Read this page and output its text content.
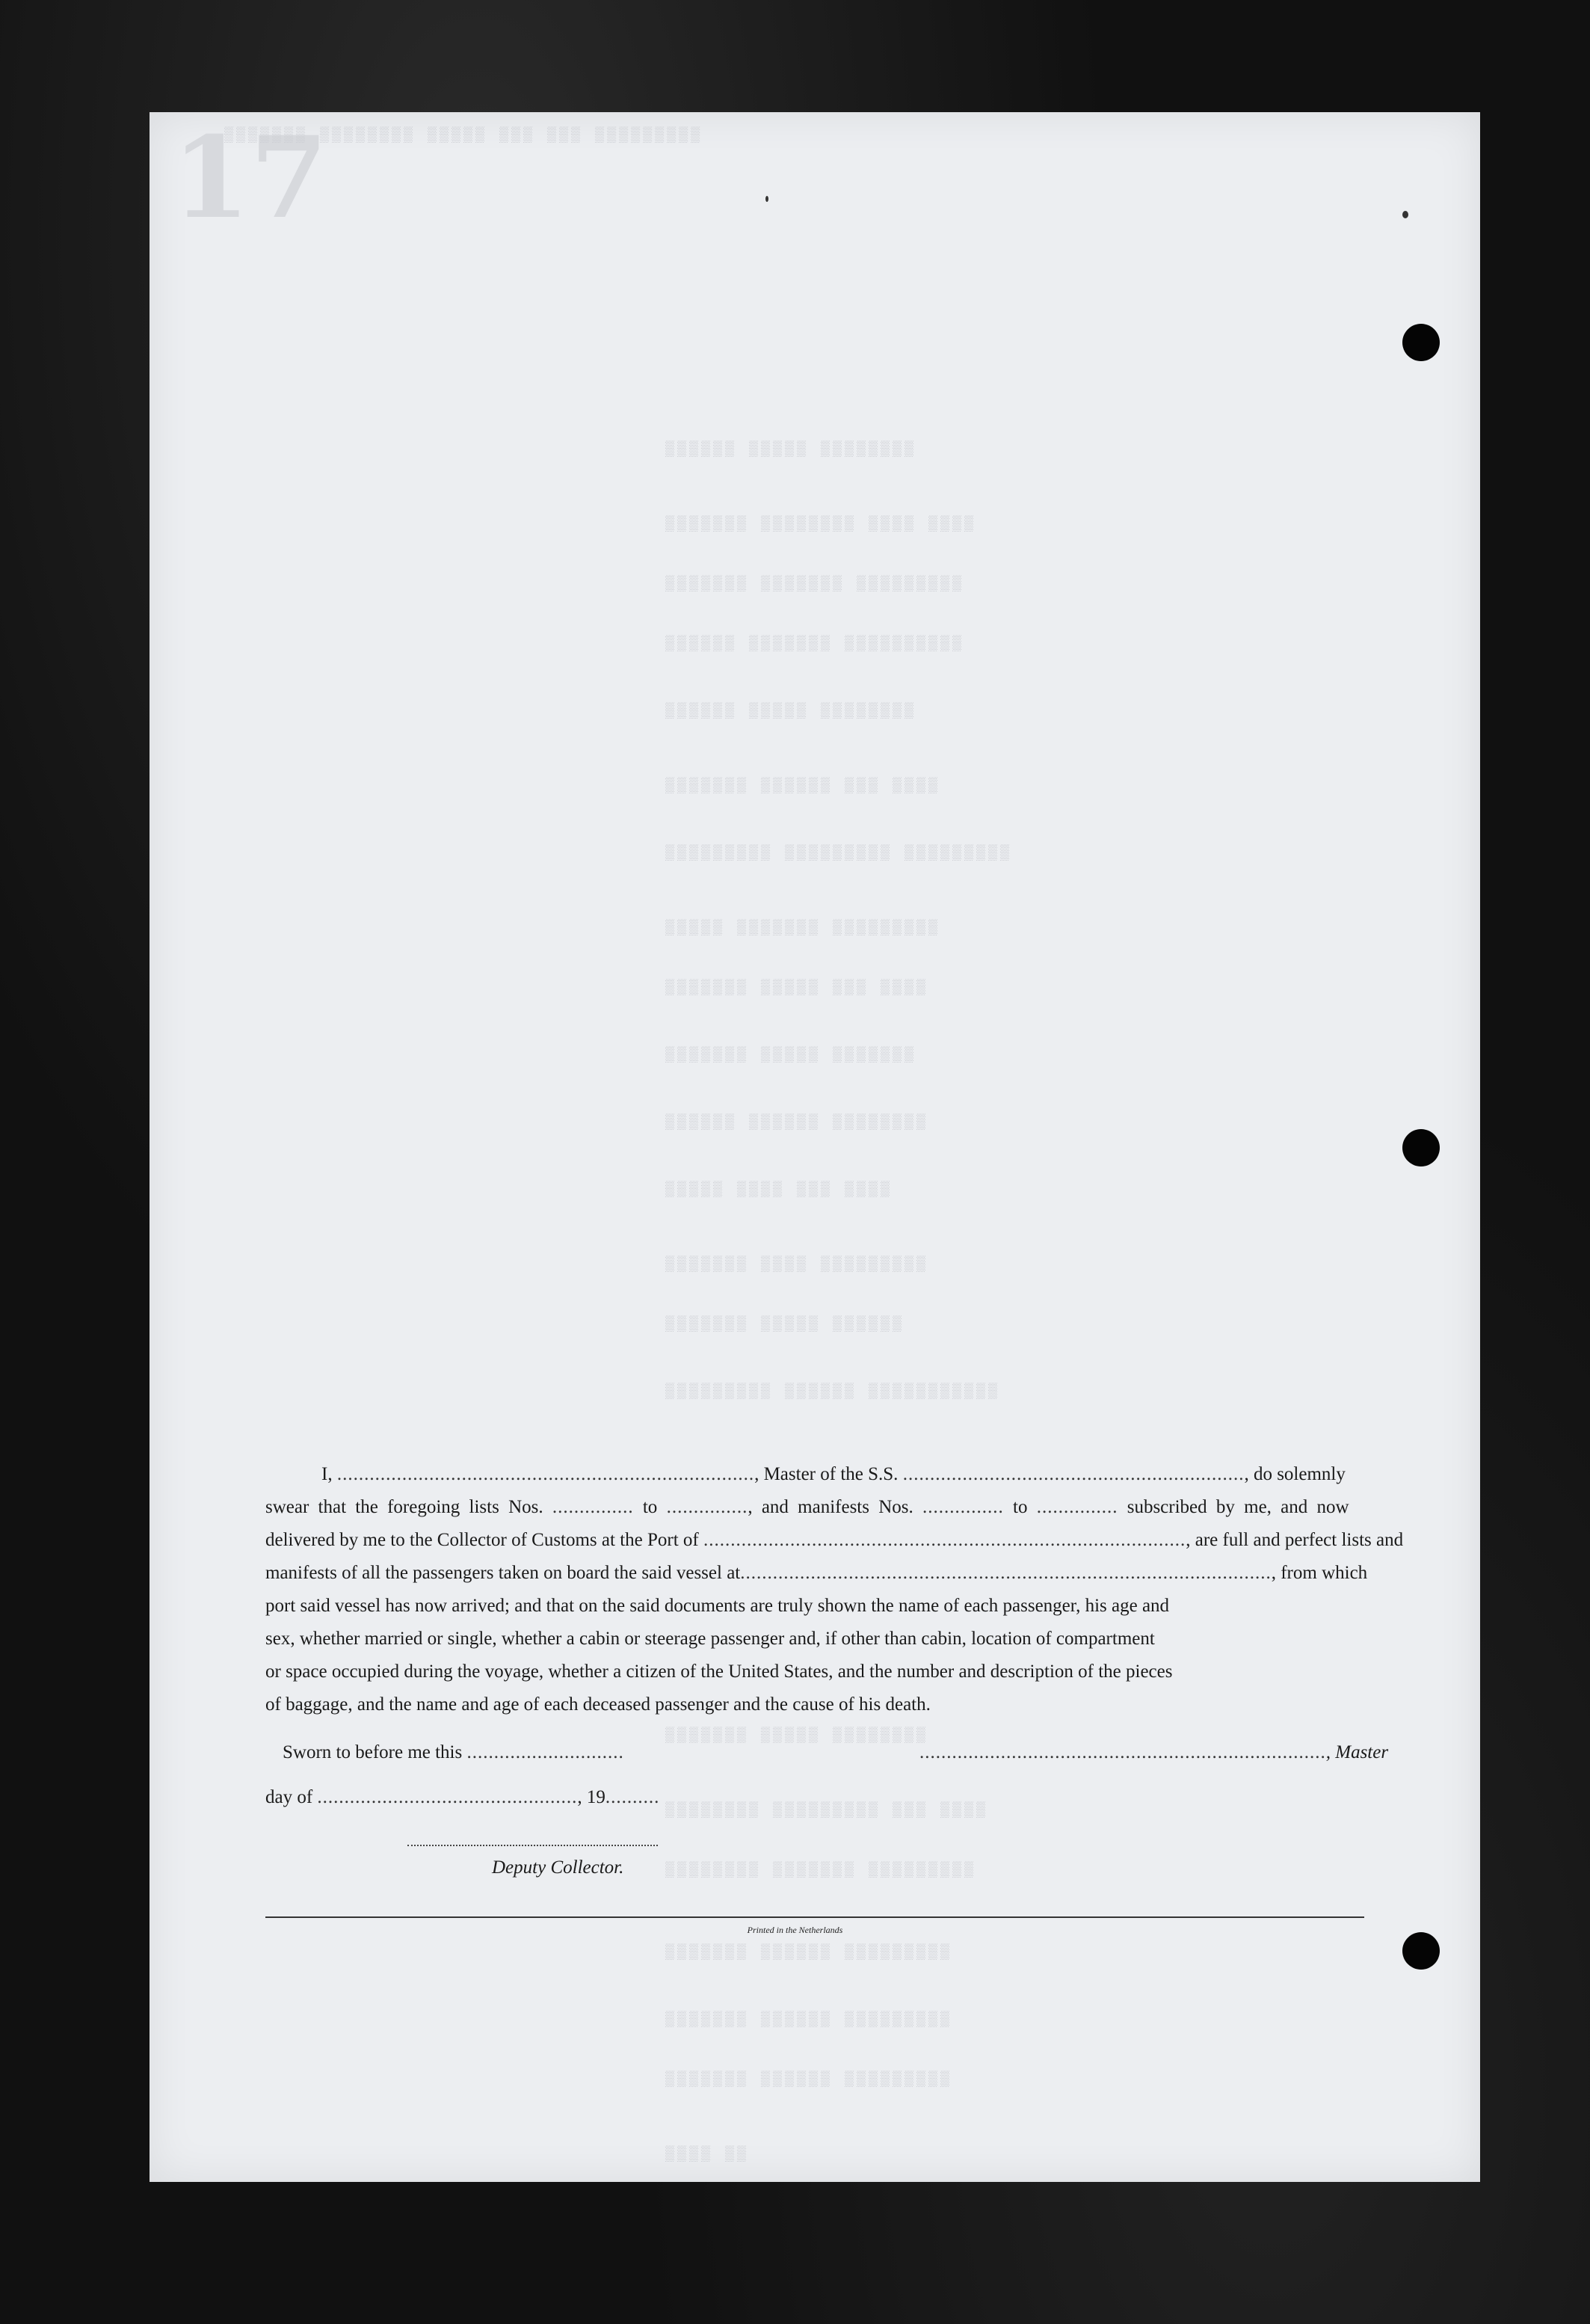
17
▒▒▒▒▒▒▒ ▒▒▒▒▒▒▒▒ ▒▒▒▒▒ ▒▒▒ ▒▒▒ ▒▒▒▒▒▒▒▒▒
▒▒▒▒▒▒ ▒▒▒▒▒ ▒▒▒▒▒▒▒▒
▒▒▒▒▒▒▒ ▒▒▒▒▒▒▒▒ ▒▒▒▒ ▒▒▒▒
▒▒▒▒▒▒▒ ▒▒▒▒▒▒▒ ▒▒▒▒▒▒▒▒▒
▒▒▒▒▒▒ ▒▒▒▒▒▒▒ ▒▒▒▒▒▒▒▒▒▒
▒▒▒▒▒▒ ▒▒▒▒▒ ▒▒▒▒▒▒▒▒
▒▒▒▒▒▒▒ ▒▒▒▒▒▒ ▒▒▒ ▒▒▒▒
▒▒▒▒▒▒▒▒▒ ▒▒▒▒▒▒▒▒▒ ▒▒▒▒▒▒▒▒▒
▒▒▒▒▒ ▒▒▒▒▒▒▒ ▒▒▒▒▒▒▒▒▒
▒▒▒▒▒▒▒ ▒▒▒▒▒ ▒▒▒ ▒▒▒▒
▒▒▒▒▒▒▒ ▒▒▒▒▒ ▒▒▒▒▒▒▒
▒▒▒▒▒▒ ▒▒▒▒▒▒ ▒▒▒▒▒▒▒▒
▒▒▒▒▒ ▒▒▒▒ ▒▒▒ ▒▒▒▒
▒▒▒▒▒▒▒ ▒▒▒▒ ▒▒▒▒▒▒▒▒▒
▒▒▒▒▒▒▒ ▒▒▒▒▒ ▒▒▒▒▒▒
▒▒▒▒▒▒▒▒▒ ▒▒▒▒▒▒ ▒▒▒▒▒▒▒▒▒▒▒
▒▒▒▒▒▒▒ ▒▒▒▒▒ ▒▒▒▒▒▒▒▒
▒▒▒▒▒▒▒▒ ▒▒▒▒▒▒▒▒▒ ▒▒▒ ▒▒▒▒
▒▒▒▒▒▒▒▒ ▒▒▒▒▒▒▒ ▒▒▒▒▒▒▒▒▒
▒▒▒▒▒▒▒ ▒▒▒▒▒▒ ▒▒▒▒▒▒▒▒▒
▒▒▒▒▒▒▒ ▒▒▒▒▒▒ ▒▒▒▒▒▒▒▒▒
▒▒▒▒▒▒▒ ▒▒▒▒▒▒ ▒▒▒▒▒▒▒▒▒
▒▒▒▒ ▒▒
I, ............................................................................., Master of the S.S. ..............................................................., do solemnly
swear that the foregoing lists Nos. ............... to ..............., and manifests Nos. ............... to ............... subscribed by me, and now
delivered by me to the Collector of Customs at the Port of ........................................................................................., are full and perfect lists and
manifests of all the passengers taken on board the said vessel at.................................................................................................., from which
port said vessel has now arrived; and that on the said documents are truly shown the name of each passenger, his age and
sex, whether married or single, whether a cabin or steerage passenger and, if other than cabin, location of compartment
or space occupied during the voyage, whether a citizen of the United States, and the number and description of the pieces
of baggage, and the name and age of each deceased passenger and the cause of his death.
Sworn to before me this .............................	..........................................................................., Master
day of ................................................, 19..........
Deputy Collector.
Printed in the Netherlands
